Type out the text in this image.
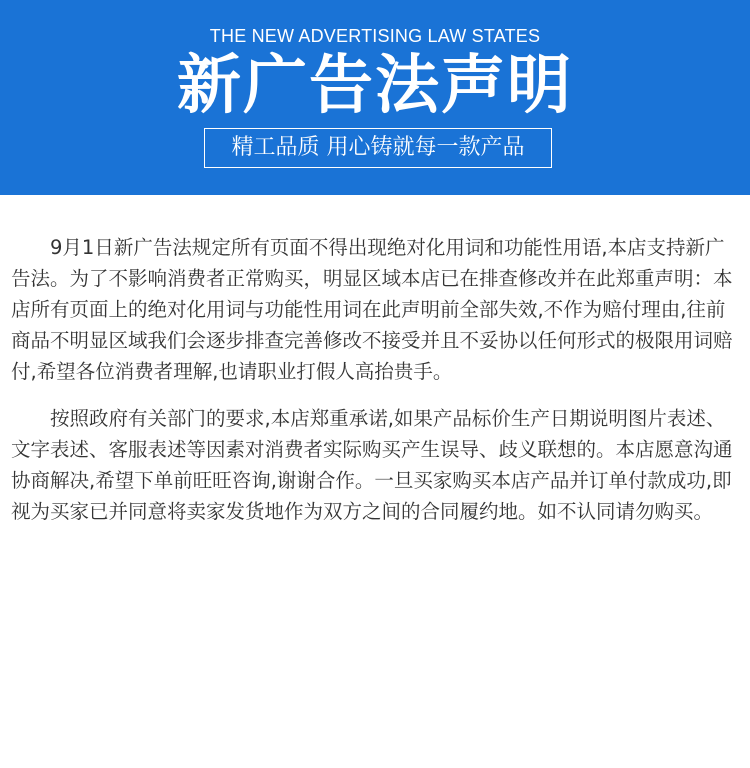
THE NEW ADVERTISING LAW STATES
新广告法声明
精工品质 用心铸就每一款产品

9月1日新广告法规定所有页面不得出现绝对化用词和功能性用语,本店支持新广告法。为了不影响消费者正常购买，明显区域本店已在排查修改并在此郑重声明：本店所有页面上的绝对化用词与功能性用词在此声明前全部失效,不作为赔付理由,往前商品不明显区域我们会逐步排查完善修改不接受并且不妥协以任何形式的极限用词赔付,希望各位消费者理解,也请职业打假人高抬贵手。

按照政府有关部门的要求,本店郑重承诺,如果产品标价生产日期说明图片表述、文字表述、客服表述等因素对消费者实际购买产生误导、歧义联想的。本店愿意沟通协商解决,希望下单前旺旺咨询,谢谢合作。一旦买家购买本店产品并订单付款成功,即视为买家已并同意将卖家发货地作为双方之间的合同履约地。如不认同请勿购买。
